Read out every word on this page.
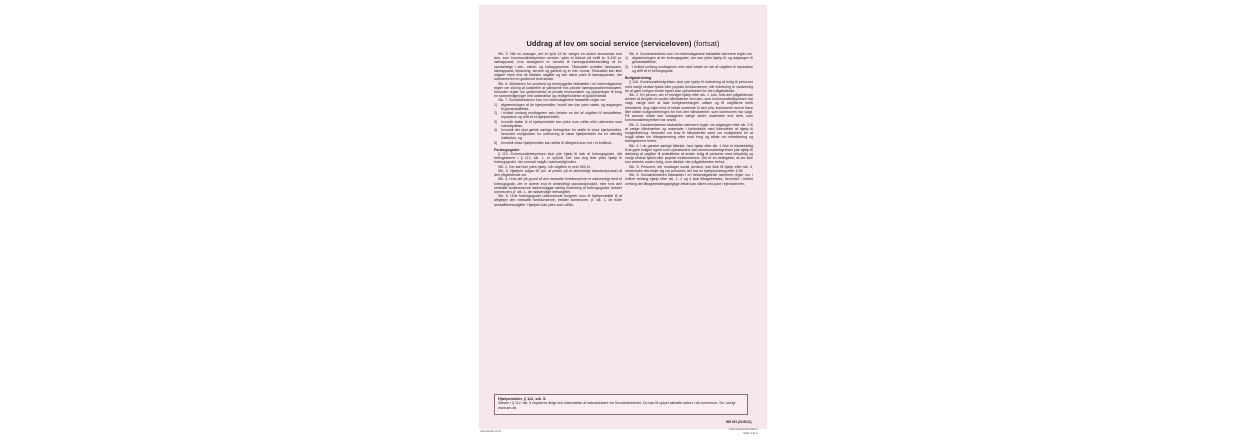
Uddrag af lov om social service (serviceloven) (fortsat)

Stk. 5. Når en ansøger, der er fyldt 18 år, vælger en anden leverandør end den, som kommunalbestyrelsen anviser, ydes et tilskud på indtil kr. 5.420 pr. høreapparat, hvis ansøgeren er henvist til høreapparatbehandling af en speciallæge i øre-, næse- og halssygdomme. Tilskuddet omfatter høreprøve, høreapparat, tilpasning, service og garanti og er inkl. moms. Tilskuddet kan ikke udgøre mere end de faktiske udgifter og kan alene ydes til høreapparater, der udleveres fra en godkendt leverandør.

Stk. 6. Ministeren for sundhed og forebyggelse fastsætter i en bekendtgørelse regler om sikring af kvaliteten af ydelserne hos private høreapparatleverandører, herunder regler om godkendelse af private leverandører og oplysninger til brug for sammenligninger ved udstedelse og vedligeholdelse af godkendelse.

Stk. 7. Socialministeren kan i en bekendtgørelse fastsætte regler om

1) afgrænsningen af de hjælpemidler, hvortil der kan ydes støtte, og adgangen til genanskaffelse,
2) i hvilket omfang modtageren selv betaler en del af udgiften til anskaffelse, reparation og drift af et hjælpemiddel,
3) hvornår støtte til et hjælpemiddel kan ydes som udlån eller udleveres som naturalydelse,
4) hvorvidt der skal gælde særlige betingelser for støtte til visse hjælpemidler, herunder muligheden for udlevering af visse hjælpemidler fra en offentlig institution, og
5) hvorvidt visse hjælpemidler kan stilles til rådighed som led i et botilbud.

Forbrugsgoder

§ 113. Kommunalbestyrelsen skal yde hjælp til køb af forbrugsgoder, når betingelserne i § 112, stk. 1, er opfyldt. Der kan dog ikke ydes hjælp til forbrugsgoder, der normalt indgår i sædvanligt indbo.

Stk. 2. Der kan kun ydes hjælp, når udgiften er over 500 kr.

Stk. 3. Hjælpen udgør 50 pct. af prisen på et almindeligt standardprodukt af den pågældende art.

Stk. 4. Hvis det på grund af den nedsatte funktionsevne er nødvendigt med et forbrugsgode, der er dyrere end et almindeligt standardprodukt, eller hvis den nedsatte funktionsevne nødvendiggør særlig indretning af forbrugsgodet, betaler kommunen, jf. stk. 1, de nødvendige merudgifter.

Stk. 5. Hvis forbrugsgodet udelukkende fungerer som et hjælpemiddel til at afhjælpe den nedsatte funktionsevne, betaler kommunen, jf. stk. 1, de fulde anskaffelsesudgifter. Hjælpen kan ydes som udlån.

Stk. 6. Socialministeren kan i en bekendtgørelse fastsætte nærmere regler om

1) afgrænsningen af de forbrugsgoder, der kan ydes hjælp til, og adgangen til genanskaffelse,
2) i hvilket omfang modtageren selv skal betale en del af udgiften til reparation og drift af et forbrugsgode.

Boligindretning

§ 116. Kommunalbestyrelsen skal yde hjælp til indretning af bolig til personer med varigt nedsat fysisk eller psykisk funktionsevne, når indretning er nødvendig for at gøre boligen bedre egnet som opholdssted for den pågældende.

Stk. 2. En person, der er bevilget hjælp efter stk. 1, kan, hvis den pågældende ønsker at benytte en anden håndværker end den, som kommunalbestyrelsen har valgt, vælge selv at lade boligindretningen udføre og få udgifterne hertil refunderet, dog højst med et beløb svarende til den pris, kommunen kunne have fået udført boligindretningen for hos den håndværker, som kommunen har valgt. På samme måde kan ansøgeren vælge andre materialer end dem, som kommunalbestyrelsen har anvist.

Stk. 3. Socialministeren fastsætter nærmere regler om adgangen efter stk. 2 til at vælge håndværker og materialer i forbindelse med tilkendelse af hjælp til boligindretning, herunder om krav til håndværker samt om muligheden for at indgå aftale om tilbagelevering efter endt brug og aftale om reetablering og betingelserne herfor.

Stk. 4. I de ganske særlige tilfælde, hvor hjælp efter stk. 1 ikke er tilstrækkelig til at gøre boligen egnet som opholdssted, kan kommunalbestyrelsen yde hjælp til dækning af udgifter til anskaffelse af anden bolig til personer med betydelig og varigt nedsat fysisk eller psykisk funktionsevne. Det er en betingelse, at der ikke kan anvises anden bolig, som dækker den pågældendes behov.

Stk. 5. Personer, der modtager social pension, kan ikke få hjælp efter stk. 4, medmindre det drejer sig om personer, der har en hjælpeordning efter § 96.

Stk. 6. Socialministeren fastsætter i en bekendtgørelse nærmere regler om, i hvilket omfang hjælp efter stk. 1, 2 og 4 skal tilbagebetales, herunder i hvilket omfang det tilbagebetalingspligtige beløb kan sikres ved pant i ejendommen.

Hjælpemidler, § 112, stk. 5:
Satsen i § 112, stk. 5 reguleres årligt ved udsendelse af satscirkulære fra Socialministeriet. Du kan få oplyst aktuelle satser i din kommune. Se i øvrigt www.sm.dk.
HM 001 (01/2011)
Ioterbedlet af KL	Kommuneinformation
Side 3 af 3
